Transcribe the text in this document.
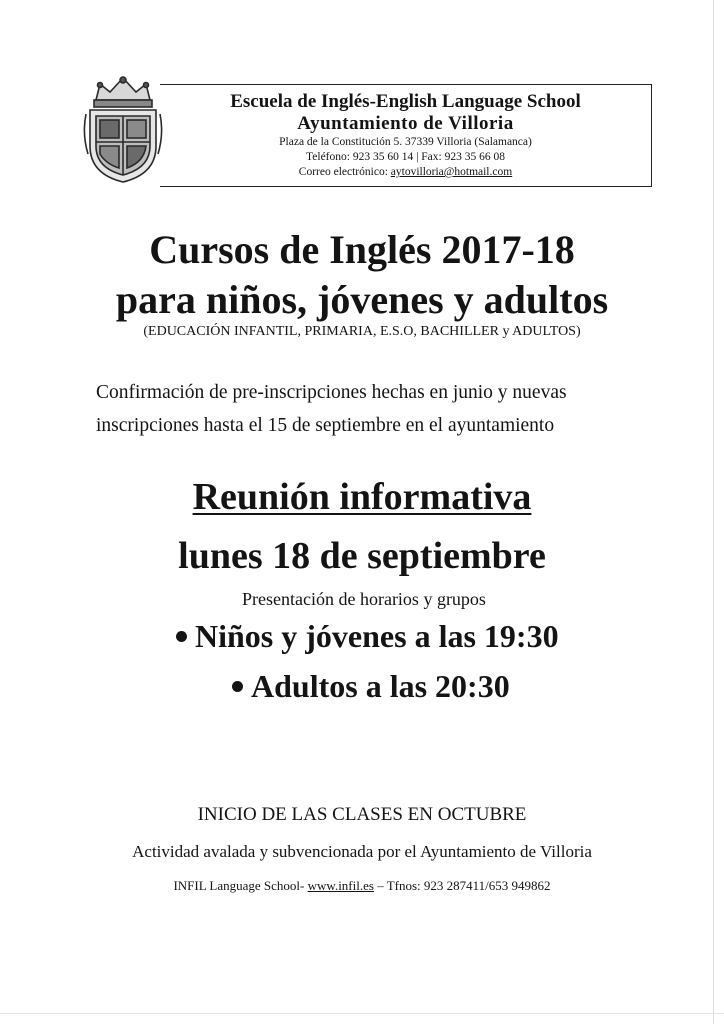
Escuela de Inglés-English Language School
Ayuntamiento de Villoria
Plaza de la Constitución 5. 37339 Villoria (Salamanca)
Teléfono: 923 35 60 14 | Fax: 923 35 66 08
Correo electrónico: aytovilloria@hotmail.com
Cursos de Inglés 2017-18
para niños, jóvenes y adultos
(EDUCACIÓN INFANTIL, PRIMARIA, E.S.O, BACHILLER y ADULTOS)
Confirmación de pre-inscripciones hechas en junio y nuevas inscripciones hasta el 15 de septiembre en el ayuntamiento
Reunión informativa
lunes 18 de septiembre
Presentación de horarios y grupos
Niños y jóvenes a las 19:30
Adultos a las 20:30
INICIO DE LAS CLASES EN OCTUBRE
Actividad avalada y subvencionada por el Ayuntamiento de Villoria
INFIL Language School- www.infil.es – Tfnos: 923 287411/653 949862
